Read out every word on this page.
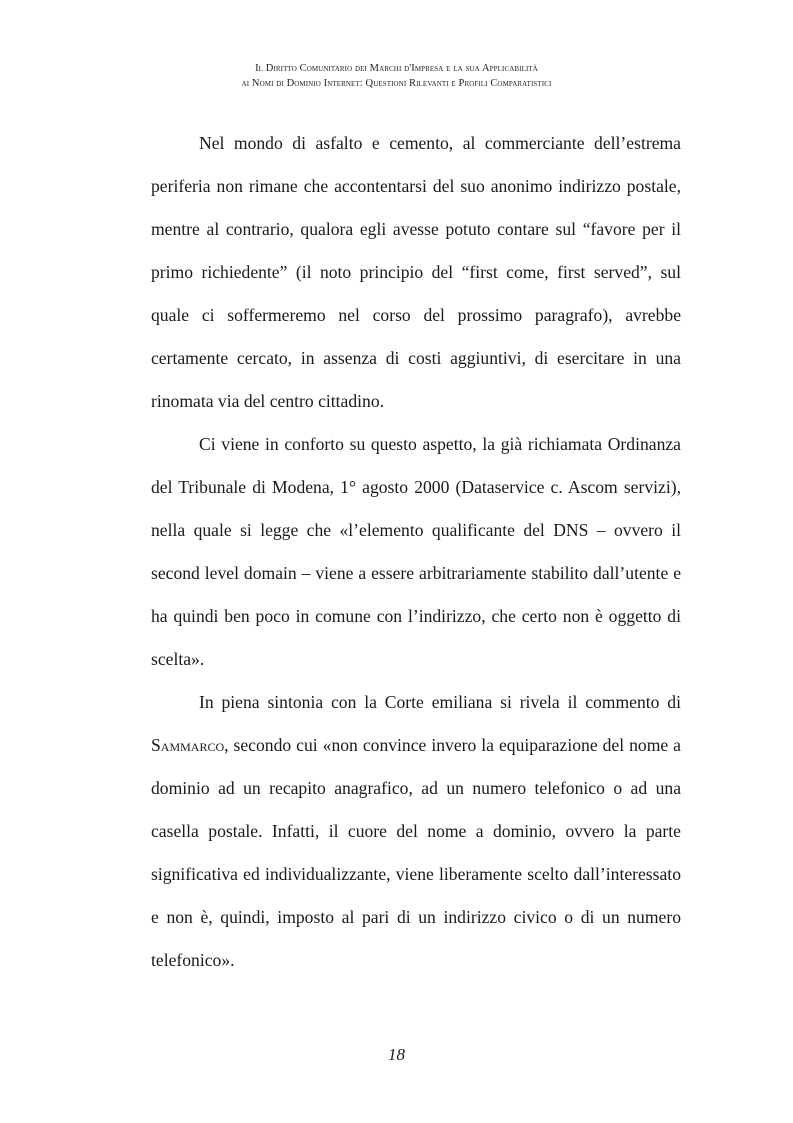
Il Diritto Comunitario dei Marchi d'Impresa e la sua Applicabilità
ai Nomi di Dominio Internet: Questioni Rilevanti e Profili Comparatistici

Nel mondo di asfalto e cemento, al commerciante dell’estrema periferia non rimane che accontentarsi del suo anonimo indirizzo postale, mentre al contrario, qualora egli avesse potuto contare sul “favore per il primo richiedente” (il noto principio del “first come, first served”, sul quale ci soffermeremo nel corso del prossimo paragrafo), avrebbe certamente cercato, in assenza di costi aggiuntivi, di esercitare in una rinomata via del centro cittadino.

Ci viene in conforto su questo aspetto, la già richiamata Ordinanza del Tribunale di Modena, 1° agosto 2000 (Dataservice c. Ascom servizi), nella quale si legge che «l’elemento qualificante del DNS – ovvero il second level domain – viene a essere arbitrariamente stabilito dall’utente e ha quindi ben poco in comune con l’indirizzo, che certo non è oggetto di scelta».

In piena sintonia con la Corte emiliana si rivela il commento di Sammarco, secondo cui «non convince invero la equiparazione del nome a dominio ad un recapito anagrafico, ad un numero telefonico o ad una casella postale. Infatti, il cuore del nome a dominio, ovvero la parte significativa ed individualizzante, viene liberamente scelto dall’interessato e non è, quindi, imposto al pari di un indirizzo civico o di un numero telefonico».

18
